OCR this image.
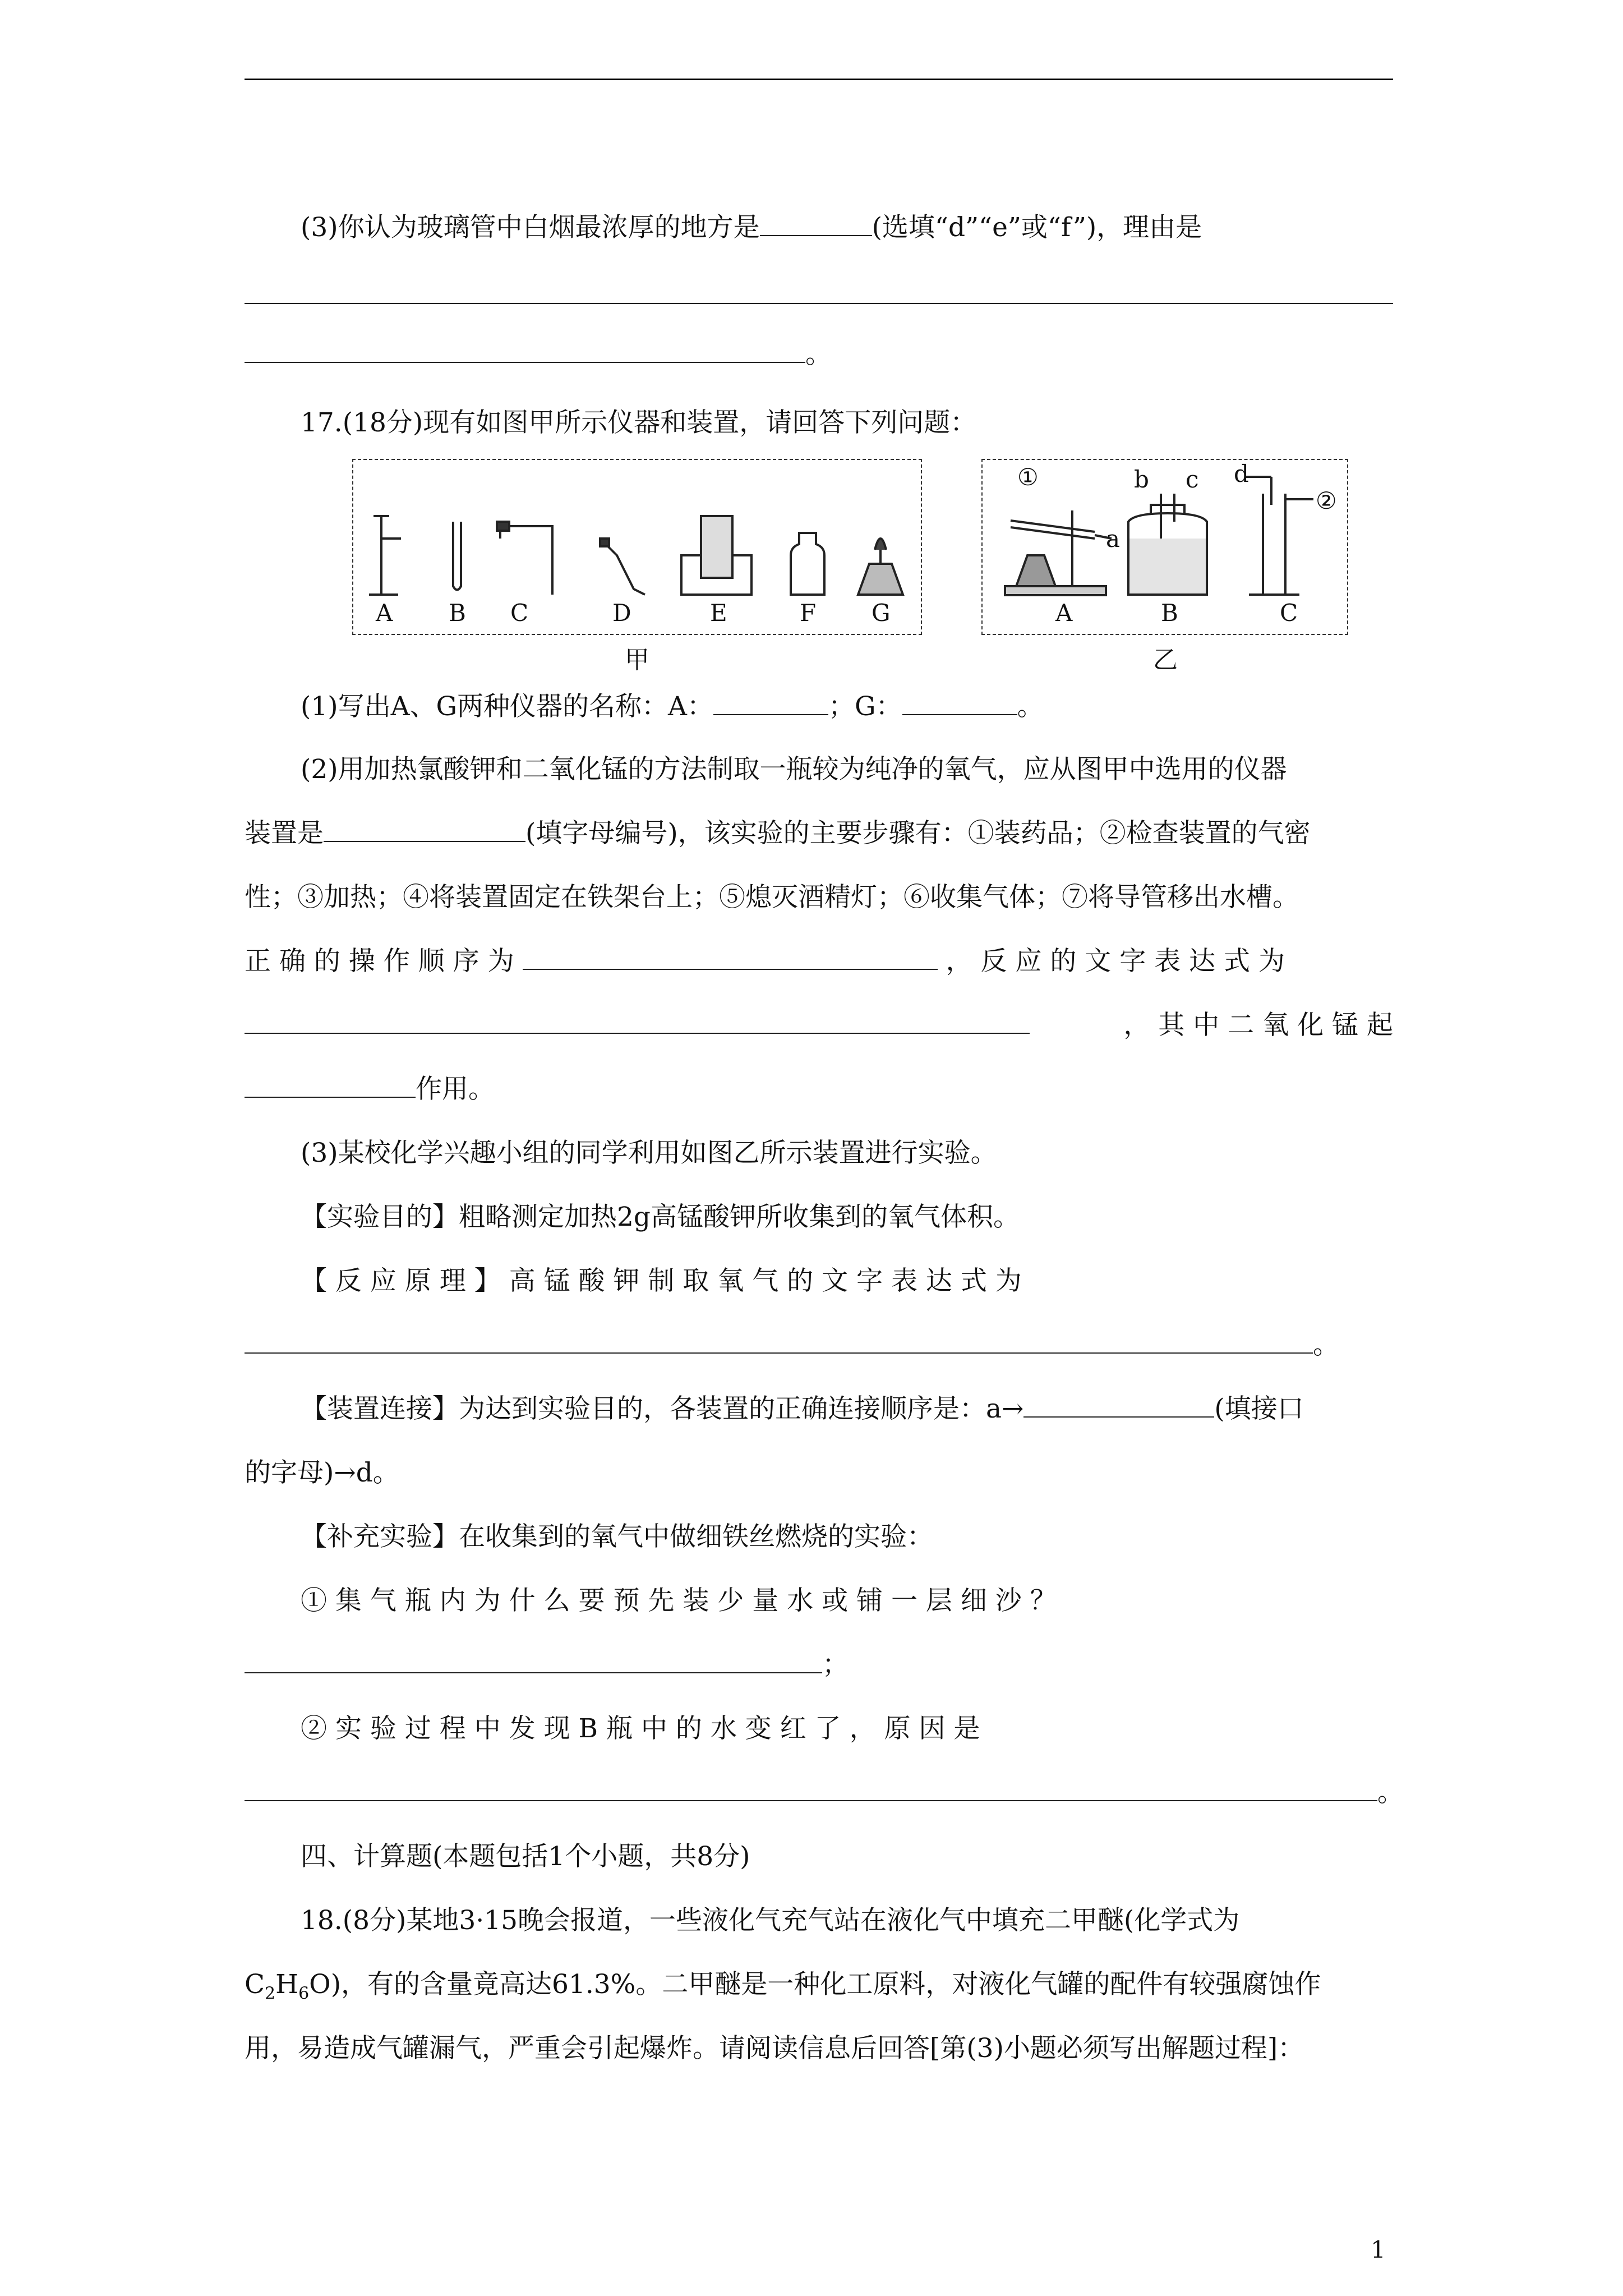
(3)你认为玻璃管中白烟最浓厚的地方是	(选填“d”“e”或“f”)，理由是
。
17.(18分)现有如图甲所示仪器和装置，请回答下列问题：
A B C	D	E	F G
甲
①	b c d
②
a
A	B	C
乙
(1)写出A、G两种仪器的名称：A：	；G：	。
(2)用加热氯酸钾和二氧化锰的方法制取一瓶较为纯净的氧气，应从图甲中选用的仪器
装置是	(填字母编号)，该实验的主要步骤有：①装药品；②检查装置的气密
性；③加热；④将装置固定在铁架台上；⑤熄灭酒精灯；⑥收集气体；⑦将导管移出水槽。
正 确 的 操 作 顺 序 为	， 反 应 的 文 字 表 达 式 为
， 其 中 二 氧 化 锰 起
作用。
(3)某校化学兴趣小组的同学利用如图乙所示装置进行实验。
【实验目的】粗略测定加热2g高锰酸钾所收集到的氧气体积。
【 反 应 原 理 】 高 锰 酸 钾 制 取 氧 气 的 文 字 表 达 式 为
。
【装置连接】为达到实验目的，各装置的正确连接顺序是：a→	(填接口
的字母)→d。
【补充实验】在收集到的氧气中做细铁丝燃烧的实验：
① 集 气 瓶 内 为 什 么 要 预 先 装 少 量 水 或 铺 一 层 细 沙 ？
；
② 实 验 过 程 中 发 现 B 瓶 中 的 水 变 红 了 ， 原 因 是
。
四、计算题(本题包括1个小题，共8分)
18.(8分)某地3·15晚会报道，一些液化气充气站在液化气中填充二甲醚(化学式为
$C_2H_6O$)，有的含量竟高达61.3%。二甲醚是一种化工原料，对液化气罐的配件有较强腐蚀作
用，易造成气罐漏气，严重会引起爆炸。请阅读信息后回答[第(3)小题必须写出解题过程]：
1
